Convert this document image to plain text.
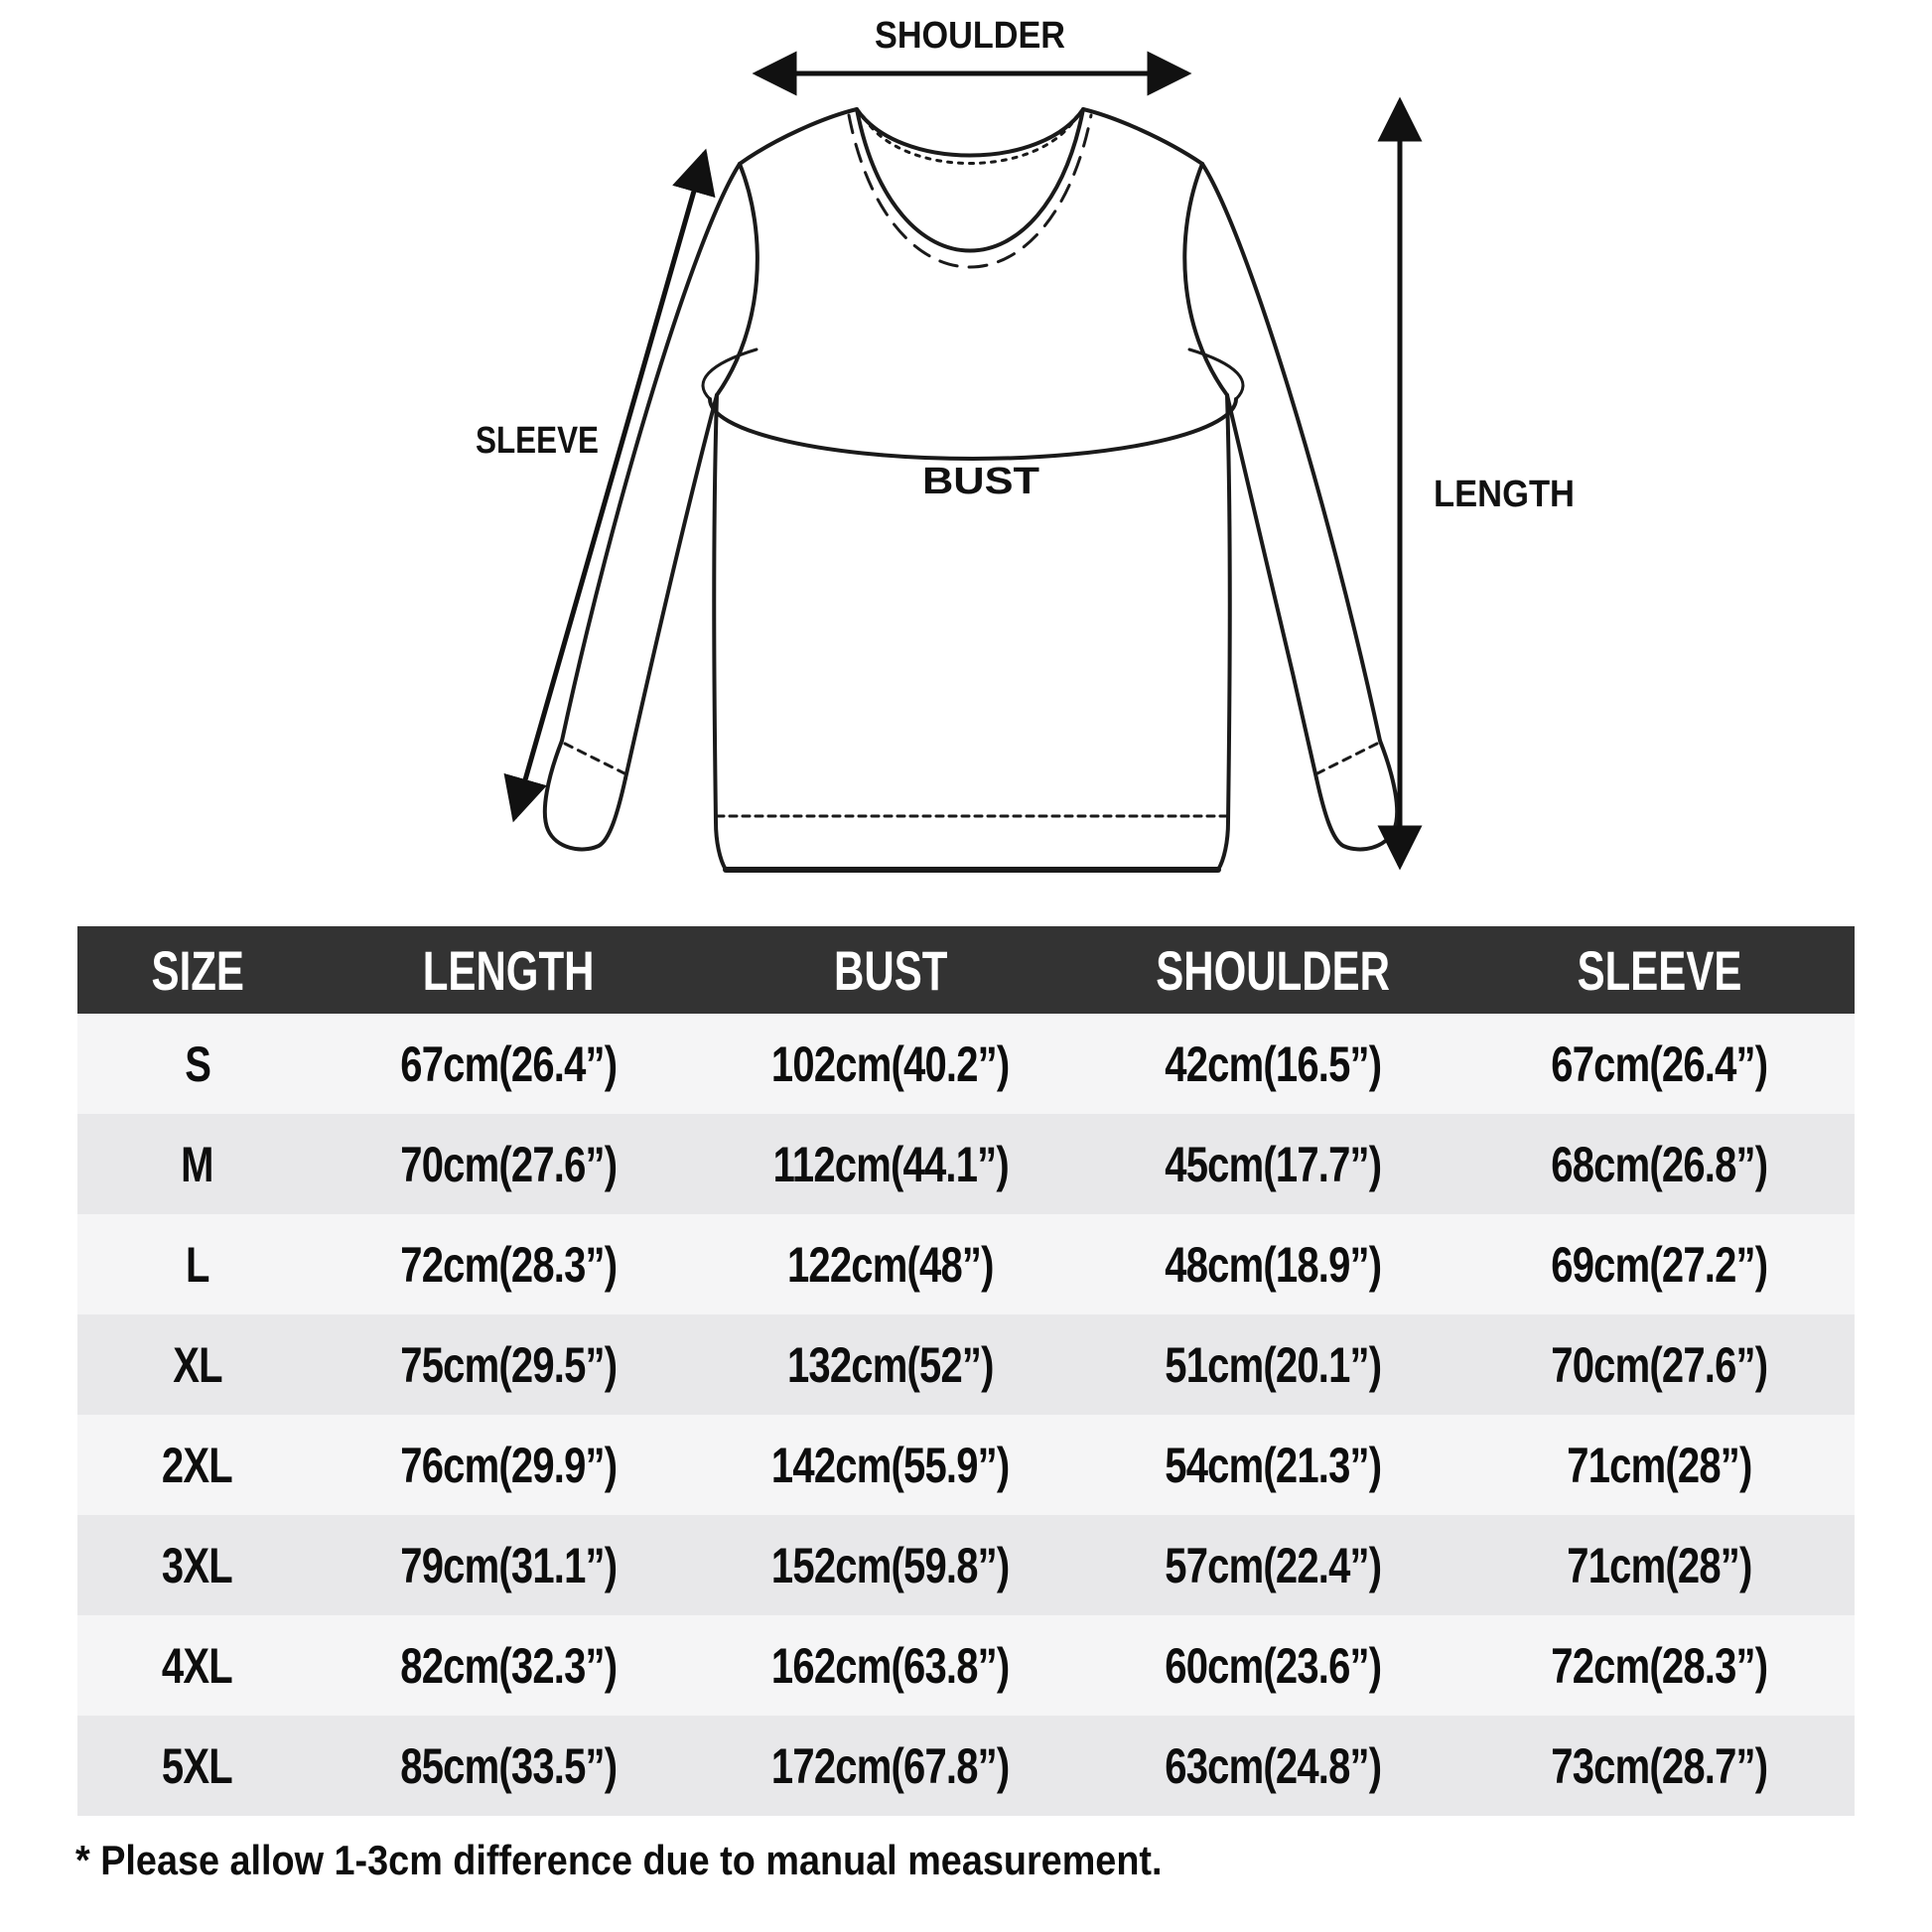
SHOULDER
SLEEVE
BUST	LENGTH
SIZE	LENGTH	BUST	SHOULDER	SLEEVE
S	67cm(26.4”)	102cm(40.2”)	42cm(16.5”)	67cm(26.4”)
M	70cm(27.6”)	112cm(44.1”)	45cm(17.7”)	68cm(26.8”)
L	72cm(28.3”)	122cm(48”)	48cm(18.9”)	69cm(27.2”)
XL	75cm(29.5”)	132cm(52”)	51cm(20.1”)	70cm(27.6”)
2XL	76cm(29.9”)	142cm(55.9”)	54cm(21.3”)	71cm(28”)
3XL	79cm(31.1”)	152cm(59.8”)	57cm(22.4”)	71cm(28”)
4XL	82cm(32.3”)	162cm(63.8”)	60cm(23.6”)	72cm(28.3”)
5XL	85cm(33.5”)	172cm(67.8”)	63cm(24.8”)	73cm(28.7”)
* Please allow 1-3cm difference due to manual measurement.
